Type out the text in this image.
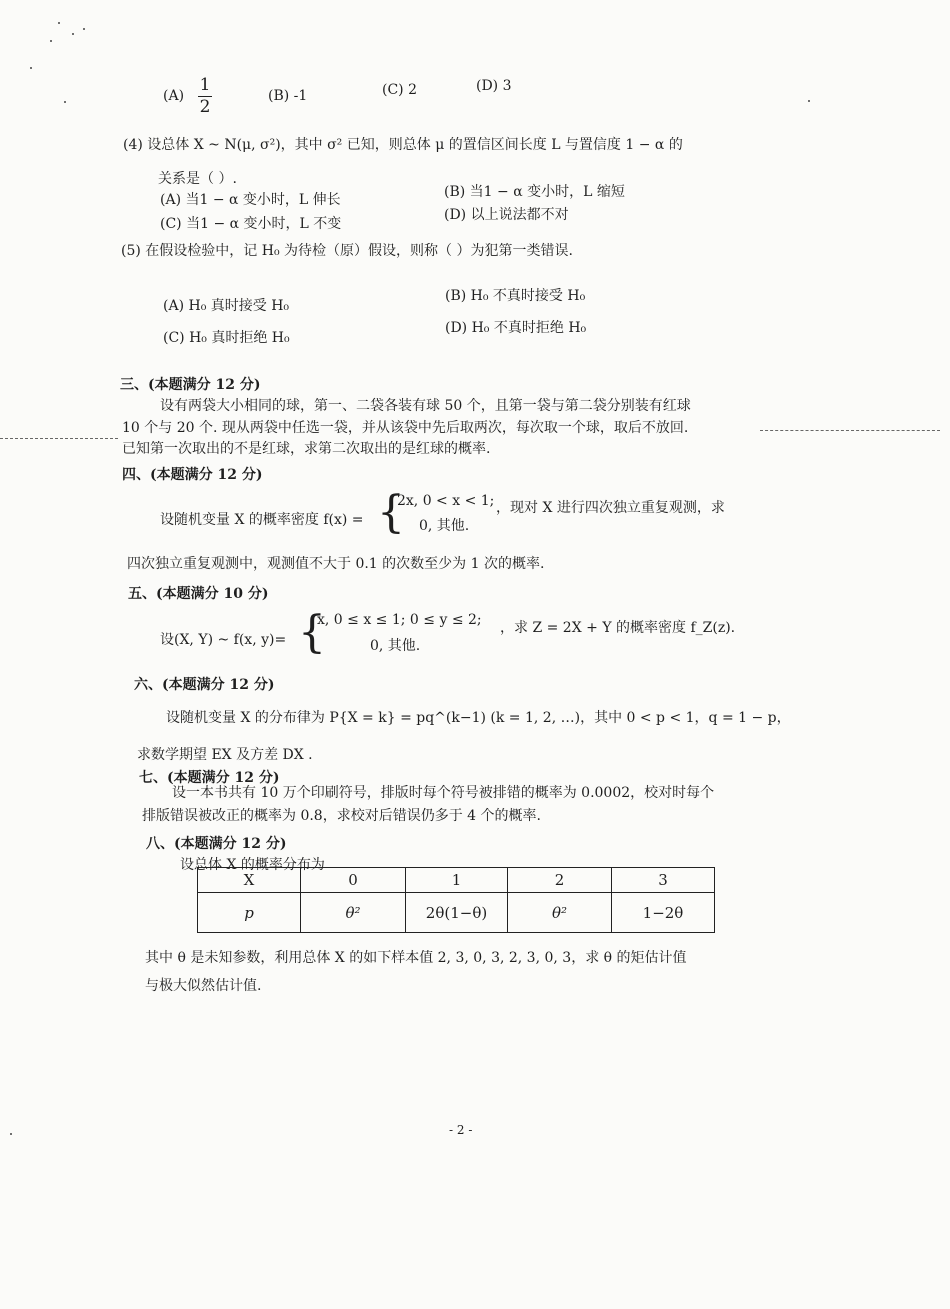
(A)
1
2
(B) -1	(C) 2	(D) 3
(4) 设总体 X ~ N(μ, σ²)，其中 σ² 已知，则总体 μ 的置信区间长度 L 与置信度 1 − α 的
关系是（ ）.
(A) 当1 − α 变小时，L 伸长	(B) 当1 − α 变小时，L 缩短
(C) 当1 − α 变小时，L 不变
(D) 以上说法都不对
(5) 在假设检验中，记 H₀ 为待检（原）假设，则称（ ）为犯第一类错误.
(A) H₀ 真时接受 H₀
(B) H₀ 不真时接受 H₀
(C) H₀ 真时拒绝 H₀
(D) H₀ 不真时拒绝 H₀
三、(本题满分 12 分)
设有两袋大小相同的球，第一、二袋各装有球 50 个，且第一袋与第二袋分别装有红球
10 个与 20 个. 现从两袋中任选一袋，并从该袋中先后取两次，每次取一个球，取后不放回.
已知第一次取出的不是红球，求第二次取出的是红球的概率.
四、(本题满分 12 分)
设随机变量 X 的概率密度 f(x) = {
2x, 0 < x < 1;
0, 其他.
，现对 X 进行四次独立重复观测，求
四次独立重复观测中，观测值不大于 0.1 的次数至少为 1 次的概率.
五、(本题满分 10 分)
设(X, Y) ~ f(x, y)= {
x, 0 ≤ x ≤ 1; 0 ≤ y ≤ 2;
0, 其他.
，求 Z = 2X + Y 的概率密度 f_Z(z).
六、(本题满分 12 分)
设随机变量 X 的分布律为 P{X = k} = pq^(k−1) (k = 1, 2, …)，其中 0 < p < 1，q = 1 − p，
求数学期望 EX 及方差 DX .
七、(本题满分 12 分)
设一本书共有 10 万个印刷符号，排版时每个符号被排错的概率为 0.0002，校对时每个
排版错误被改正的概率为 0.8，求校对后错误仍多于 4 个的概率.
八、(本题满分 12 分)
设总体 X 的概率分布为
X	0	1	2	3
p	θ²	2θ(1−θ)	θ²	1−2θ
其中 θ 是未知参数，利用总体 X 的如下样本值 2, 3, 0, 3, 2, 3, 0, 3，求 θ 的矩估计值
与极大似然估计值.
- 2 -
